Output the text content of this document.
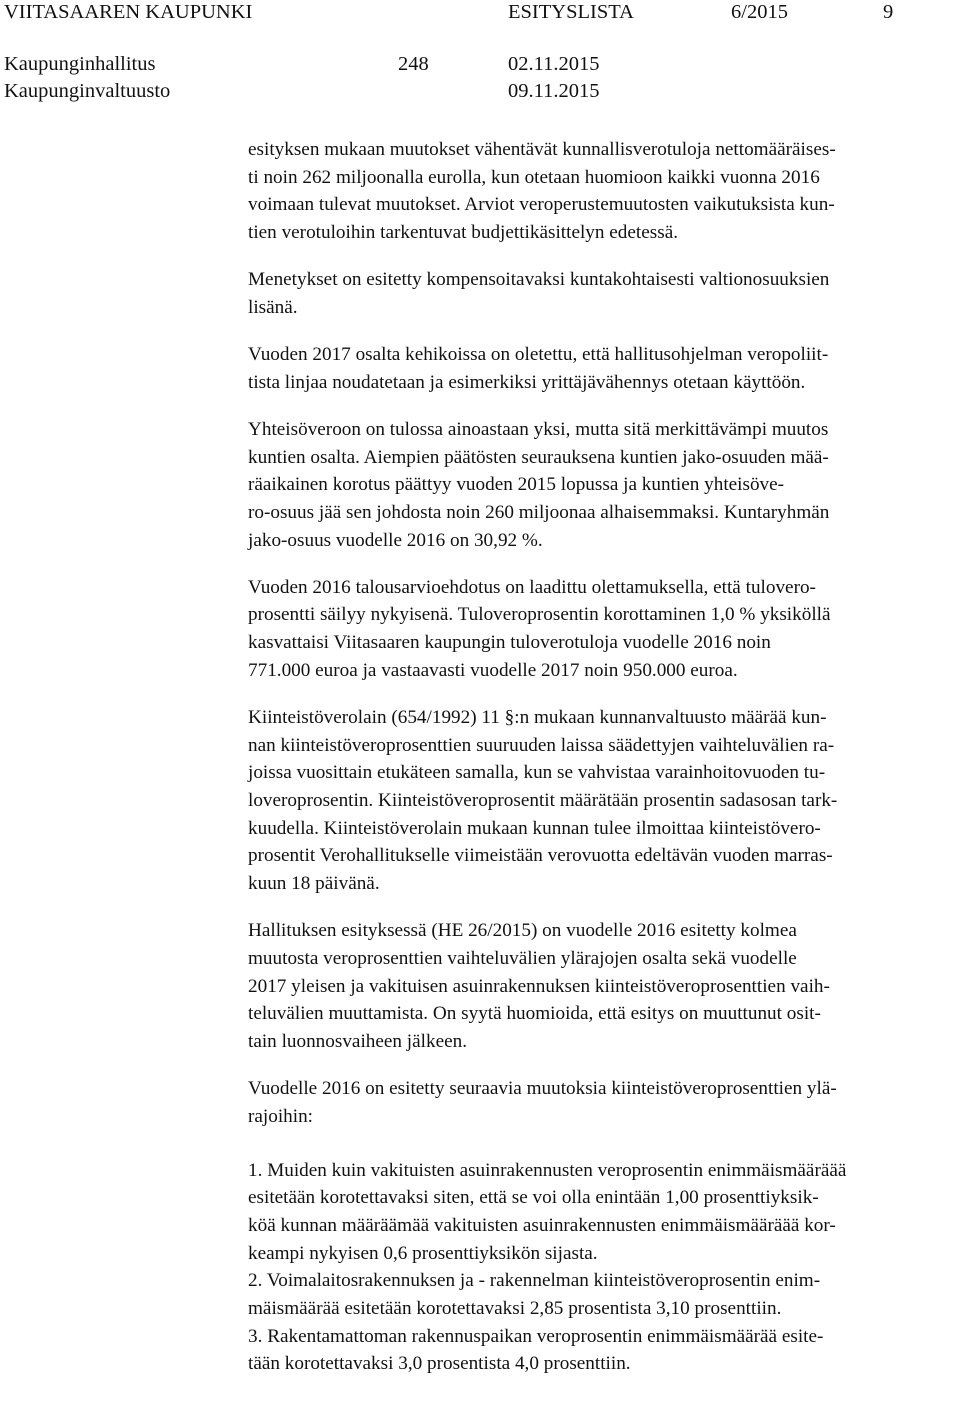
VIITASAAREN KAUPUNKI	ESITYSLISTA	6/2015	9
Kaupunginhallitus	248	02.11.2015
Kaupunginvaltuusto	09.11.2015

esityksen mukaan muutokset vähentävät kunnallisverotuloja nettomääräises-
ti noin 262 miljoonalla eurolla, kun otetaan huomioon kaikki vuonna 2016
voimaan tulevat muutokset. Arviot veroperustemuutosten vaikutuksista kun-
tien verotuloihin tarkentuvat budjettikäsittelyn edetessä.

Menetykset on esitetty kompensoitavaksi kuntakohtaisesti valtionosuuksien
lisänä.

Vuoden 2017 osalta kehikoissa on oletettu, että hallitusohjelman veropoliit-
tista linjaa noudatetaan ja esimerkiksi yrittäjävähennys otetaan käyttöön.

Yhteisöveroon on tulossa ainoastaan yksi, mutta sitä merkittävämpi muutos
kuntien osalta. Aiempien päätösten seurauksena kuntien jako-osuuden mää-
räaikainen korotus päättyy vuoden 2015 lopussa ja kuntien yhteisöve-
ro-osuus jää sen johdosta noin 260 miljoonaa alhaisemmaksi. Kuntaryhmän
jako-osuus vuodelle 2016 on 30,92 %.

Vuoden 2016 talousarvioehdotus on laadittu olettamuksella, että tulovero-
prosentti säilyy nykyisenä. Tuloveroprosentin korottaminen 1,0 % yksiköllä
kasvattaisi Viitasaaren kaupungin tuloverotuloja vuodelle 2016 noin
771.000 euroa ja vastaavasti vuodelle 2017 noin 950.000 euroa.

Kiinteistöverolain (654/1992) 11 §:n mukaan kunnanvaltuusto määrää kun-
nan kiinteistöveroprosenttien suuruuden laissa säädettyjen vaihteluvälien ra-
joissa vuosittain etukäteen samalla, kun se vahvistaa varainhoitovuoden tu-
loveroprosentin. Kiinteistöveroprosentit määrätään prosentin sadasosan tark-
kuudella. Kiinteistöverolain mukaan kunnan tulee ilmoittaa kiinteistövero-
prosentit Verohallitukselle viimeistään verovuotta edeltävän vuoden marras-
kuun 18 päivänä.

Hallituksen esityksessä (HE 26/2015) on vuodelle 2016 esitetty kolmea
muutosta veroprosenttien vaihteluvälien ylärajojen osalta sekä vuodelle
2017 yleisen ja vakituisen asuinrakennuksen kiinteistöveroprosenttien vaih-
teluvälien muuttamista. On syytä huomioida, että esitys on muuttunut osit-
tain luonnosvaiheen jälkeen.

Vuodelle 2016 on esitetty seuraavia muutoksia kiinteistöveroprosenttien ylä-
rajoihin:

1. Muiden kuin vakituisten asuinrakennusten veroprosentin enimmäismääräää
esitetään korotettavaksi siten, että se voi olla enintään 1,00 prosenttiyksik-
köä kunnan määräämää vakituisten asuinrakennusten enimmäismääräää kor-
keampi nykyisen 0,6 prosenttiyksikön sijasta.

2. Voimalaitosrakennuksen ja - rakennelman kiinteistöveroprosentin enim-
mäismäärää esitetään korotettavaksi 2,85 prosentista 3,10 prosenttiin.

3. Rakentamattoman rakennuspaikan veroprosentin enimmäismäärää esite-
tään korotettavaksi 3,0 prosentista 4,0 prosenttiin.
